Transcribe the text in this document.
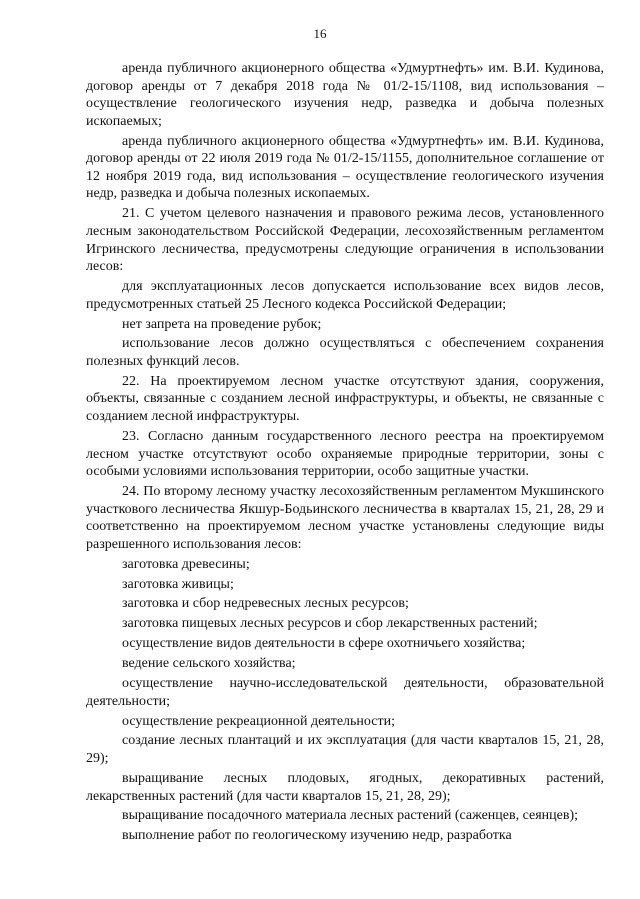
16

аренда публичного акционерного общества «Удмуртнефть» им. В.И. Кудинова, договор аренды от 7 декабря 2018 года № 01/2-15/1108, вид использования – осуществление геологического изучения недр, разведка и добыча полезных ископаемых;

аренда публичного акционерного общества «Удмуртнефть» им. В.И. Кудинова, договор аренды от 22 июля 2019 года № 01/2-15/1155, дополнительное соглашение от 12 ноября 2019 года, вид использования – осуществление геологического изучения недр, разведка и добыча полезных ископаемых.

21. С учетом целевого назначения и правового режима лесов, установленного лесным законодательством Российской Федерации, лесохозяйственным регламентом Игринского лесничества, предусмотрены следующие ограничения в использовании лесов:

для эксплуатационных лесов допускается использование всех видов лесов, предусмотренных статьей 25 Лесного кодекса Российской Федерации;

нет запрета на проведение рубок;

использование лесов должно осуществляться с обеспечением сохранения полезных функций лесов.

22. На проектируемом лесном участке отсутствуют здания, сооружения, объекты, связанные с созданием лесной инфраструктуры, и объекты, не связанные с созданием лесной инфраструктуры.

23. Согласно данным государственного лесного реестра на проектируемом лесном участке отсутствуют особо охраняемые природные территории, зоны с особыми условиями использования территории, особо защитные участки.

24. По второму лесному участку лесохозяйственным регламентом Мукшинского участкового лесничества Якшур-Бодьинского лесничества в кварталах 15, 21, 28, 29 и соответственно на проектируемом лесном участке установлены следующие виды разрешенного использования лесов:

заготовка древесины;

заготовка живицы;

заготовка и сбор недревесных лесных ресурсов;

заготовка пищевых лесных ресурсов и сбор лекарственных растений;

осуществление видов деятельности в сфере охотничьего хозяйства;

ведение сельского хозяйства;

осуществление научно-исследовательской деятельности, образовательной деятельности;

осуществление рекреационной деятельности;

создание лесных плантаций и их эксплуатация (для части кварталов 15, 21, 28, 29);

выращивание лесных плодовых, ягодных, декоративных растений, лекарственных растений (для части кварталов 15, 21, 28, 29);

выращивание посадочного материала лесных растений (саженцев, сеянцев);

выполнение работ по геологическому изучению недр, разработка
